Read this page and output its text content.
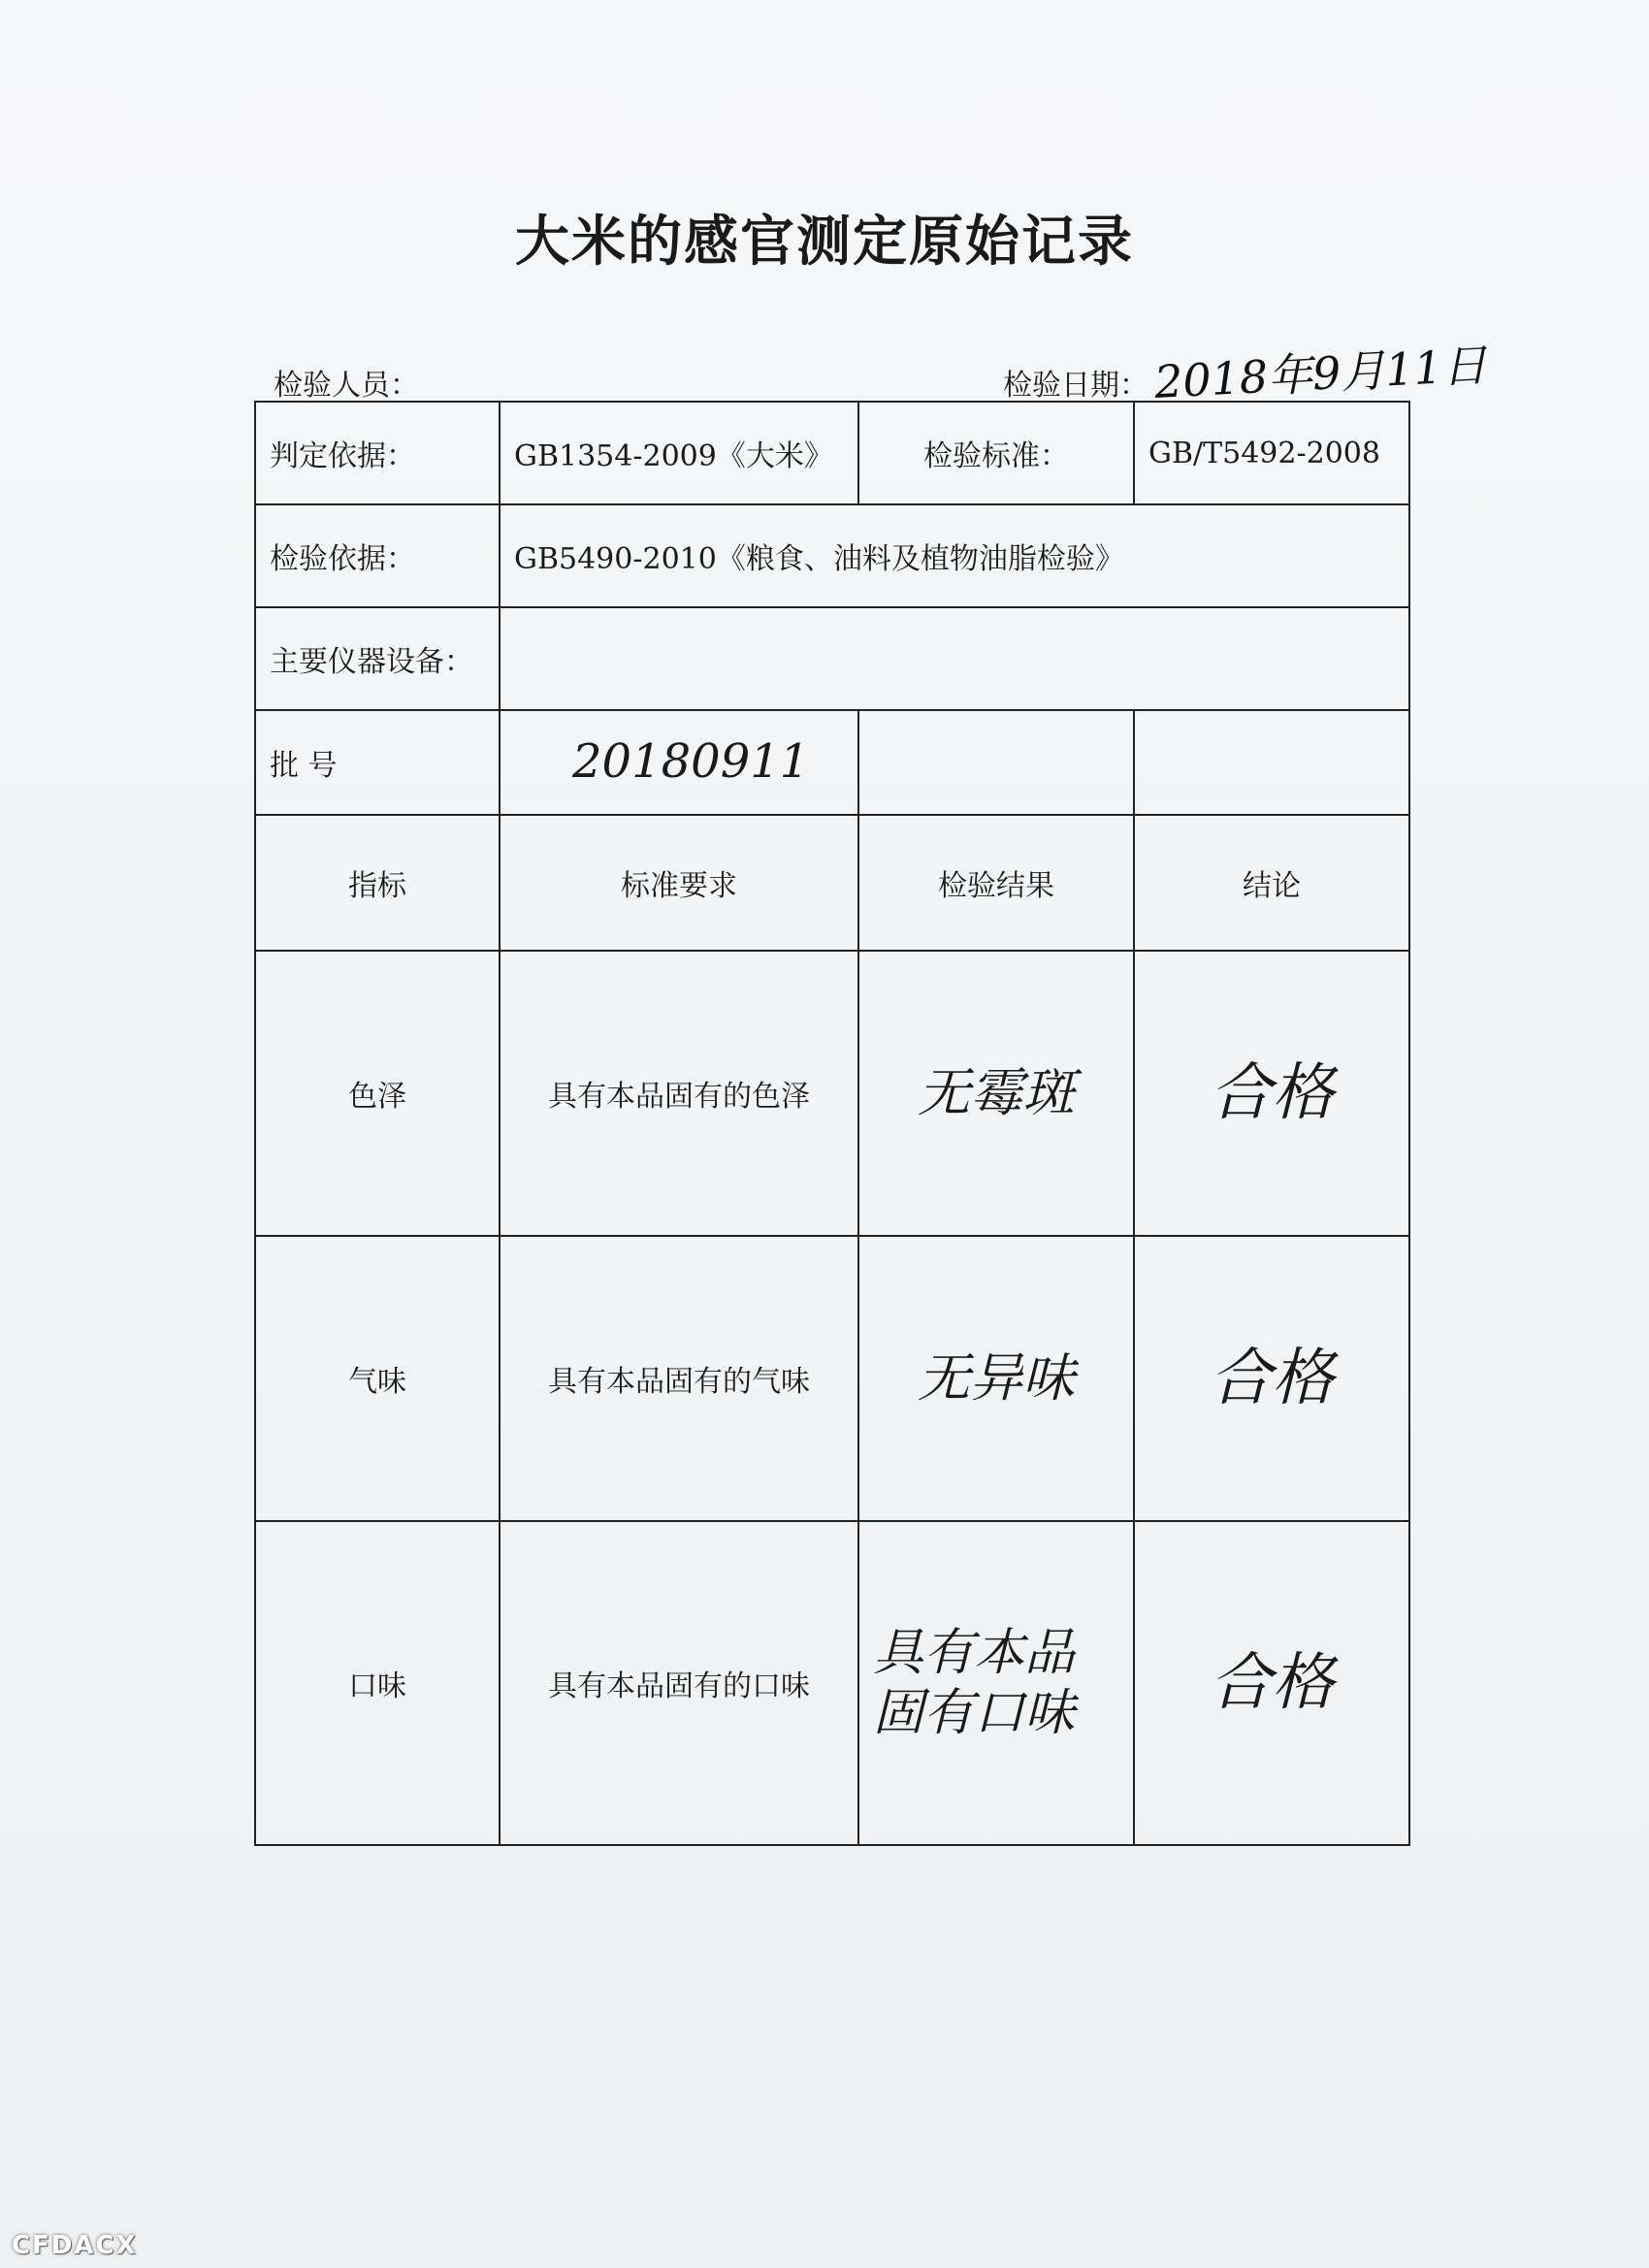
大米的感官测定原始记录
检验人员：	检验日期： 2018年9月11日
判定依据：	GB1354-2009《大米》	检验标准：	GB/T5492-2008
检验依据：	GB5490-2010《粮食、油料及植物油脂检验》		
主要仪器设备：			
批 号	20180911		
指标	标准要求	检验结果	结论
色泽	具有本品固有的色泽	无霉斑	合格
气味	具有本品固有的气味	无异味	合格
口味	具有本品固有的口味	具有本品固有口味	合格
CFDACX
